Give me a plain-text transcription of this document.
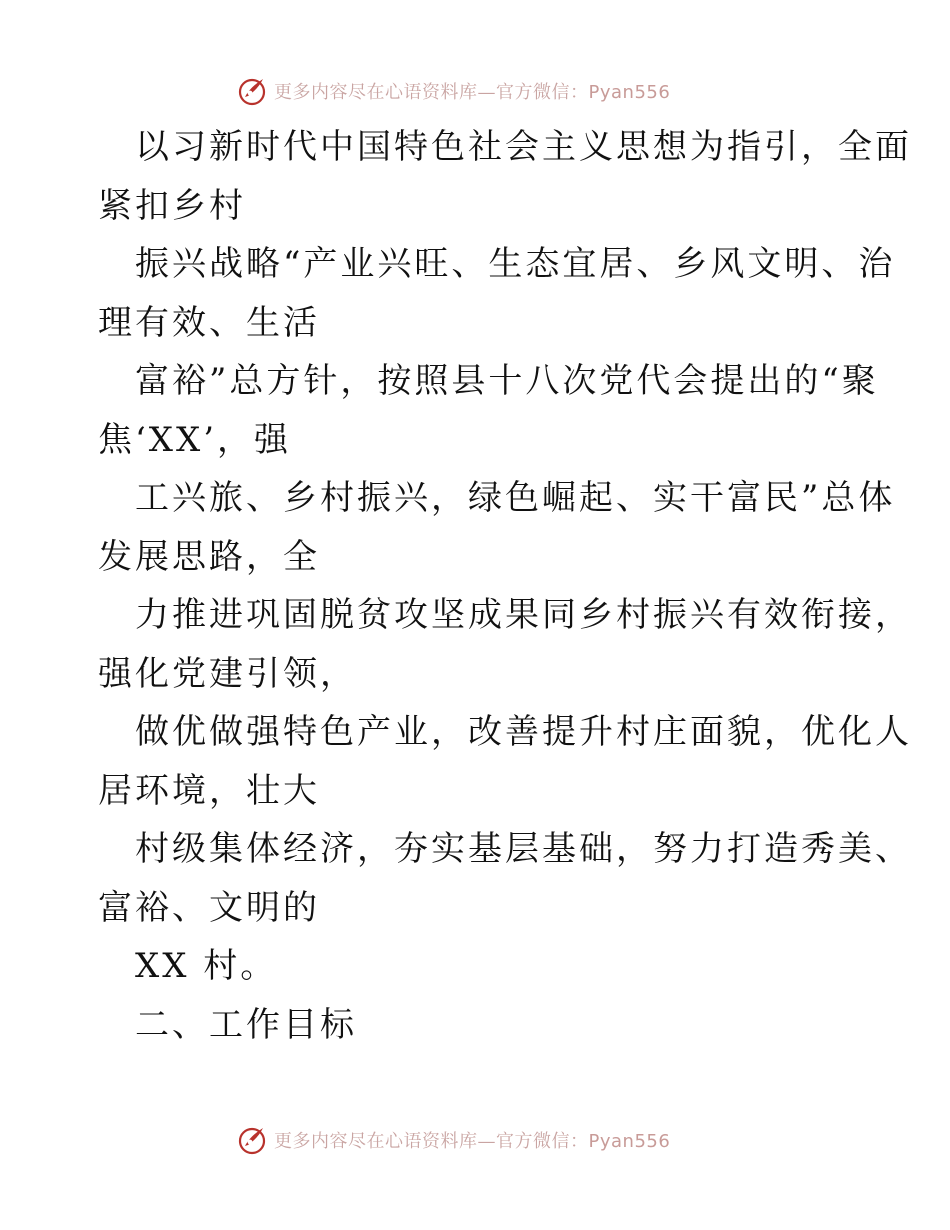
更多内容尽在心语资料库—官方微信：Pyan556
以习新时代中国特色社会主义思想为指引，全面
紧扣乡村
振兴战略“产业兴旺、生态宜居、乡风文明、治
理有效、生活
富裕”总方针，按照县十八次党代会提出的“聚
焦‘XX’，强
工兴旅、乡村振兴，绿色崛起、实干富民”总体
发展思路，全
力推进巩固脱贫攻坚成果同乡村振兴有效衔接，
强化党建引领，
做优做强特色产业，改善提升村庄面貌，优化人
居环境，壮大
村级集体经济，夯实基层基础，努力打造秀美、
富裕、文明的
XX 村。
二、工作目标
更多内容尽在心语资料库—官方微信：Pyan556
